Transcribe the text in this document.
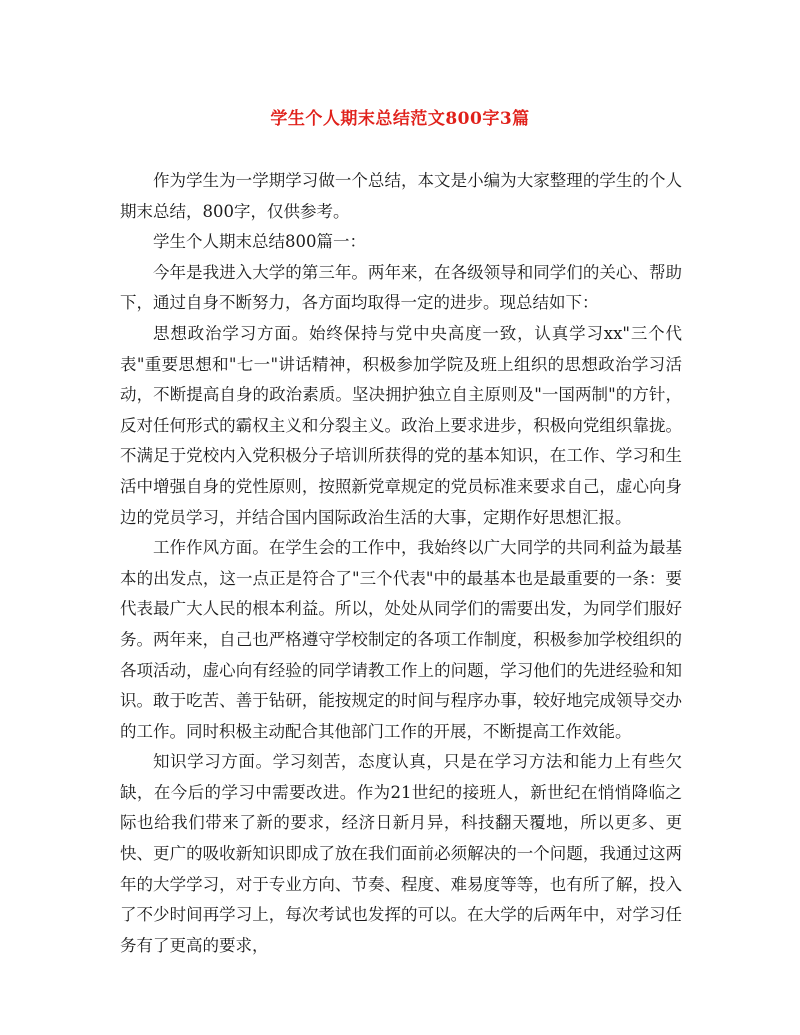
学生个人期末总结范文800字3篇

作为学生为一学期学习做一个总结，本文是小编为大家整理的学生的个人期末总结，800字，仅供参考。

学生个人期末总结800篇一：

今年是我进入大学的第三年。两年来，在各级领导和同学们的关心、帮助下，通过自身不断努力，各方面均取得一定的进步。现总结如下：

思想政治学习方面。始终保持与党中央高度一致，认真学习xx"三个代表"重要思想和"七一"讲话精神，积极参加学院及班上组织的思想政治学习活动，不断提高自身的政治素质。坚决拥护独立自主原则及"一国两制"的方针，反对任何形式的霸权主义和分裂主义。政治上要求进步，积极向党组织靠拢。不满足于党校内入党积极分子培训所获得的党的基本知识，在工作、学习和生活中增强自身的党性原则，按照新党章规定的党员标准来要求自己，虚心向身边的党员学习，并结合国内国际政治生活的大事，定期作好思想汇报。

工作作风方面。在学生会的工作中，我始终以广大同学的共同利益为最基本的出发点，这一点正是符合了"三个代表"中的最基本也是最重要的一条：要代表最广大人民的根本利益。所以，处处从同学们的需要出发，为同学们服好务。两年来，自己也严格遵守学校制定的各项工作制度，积极参加学校组织的各项活动，虚心向有经验的同学请教工作上的问题，学习他们的先进经验和知识。敢于吃苦、善于钻研，能按规定的时间与程序办事，较好地完成领导交办的工作。同时积极主动配合其他部门工作的开展，不断提高工作效能。

知识学习方面。学习刻苦，态度认真，只是在学习方法和能力上有些欠缺，在今后的学习中需要改进。作为21世纪的接班人，新世纪在悄悄降临之际也给我们带来了新的要求，经济日新月异，科技翻天覆地，所以更多、更快、更广的吸收新知识即成了放在我们面前必须解决的一个问题，我通过这两年的大学学习，对于专业方向、节奏、程度、难易度等等，也有所了解，投入了不少时间再学习上，每次考试也发挥的可以。在大学的后两年中，对学习任务有了更高的要求，
